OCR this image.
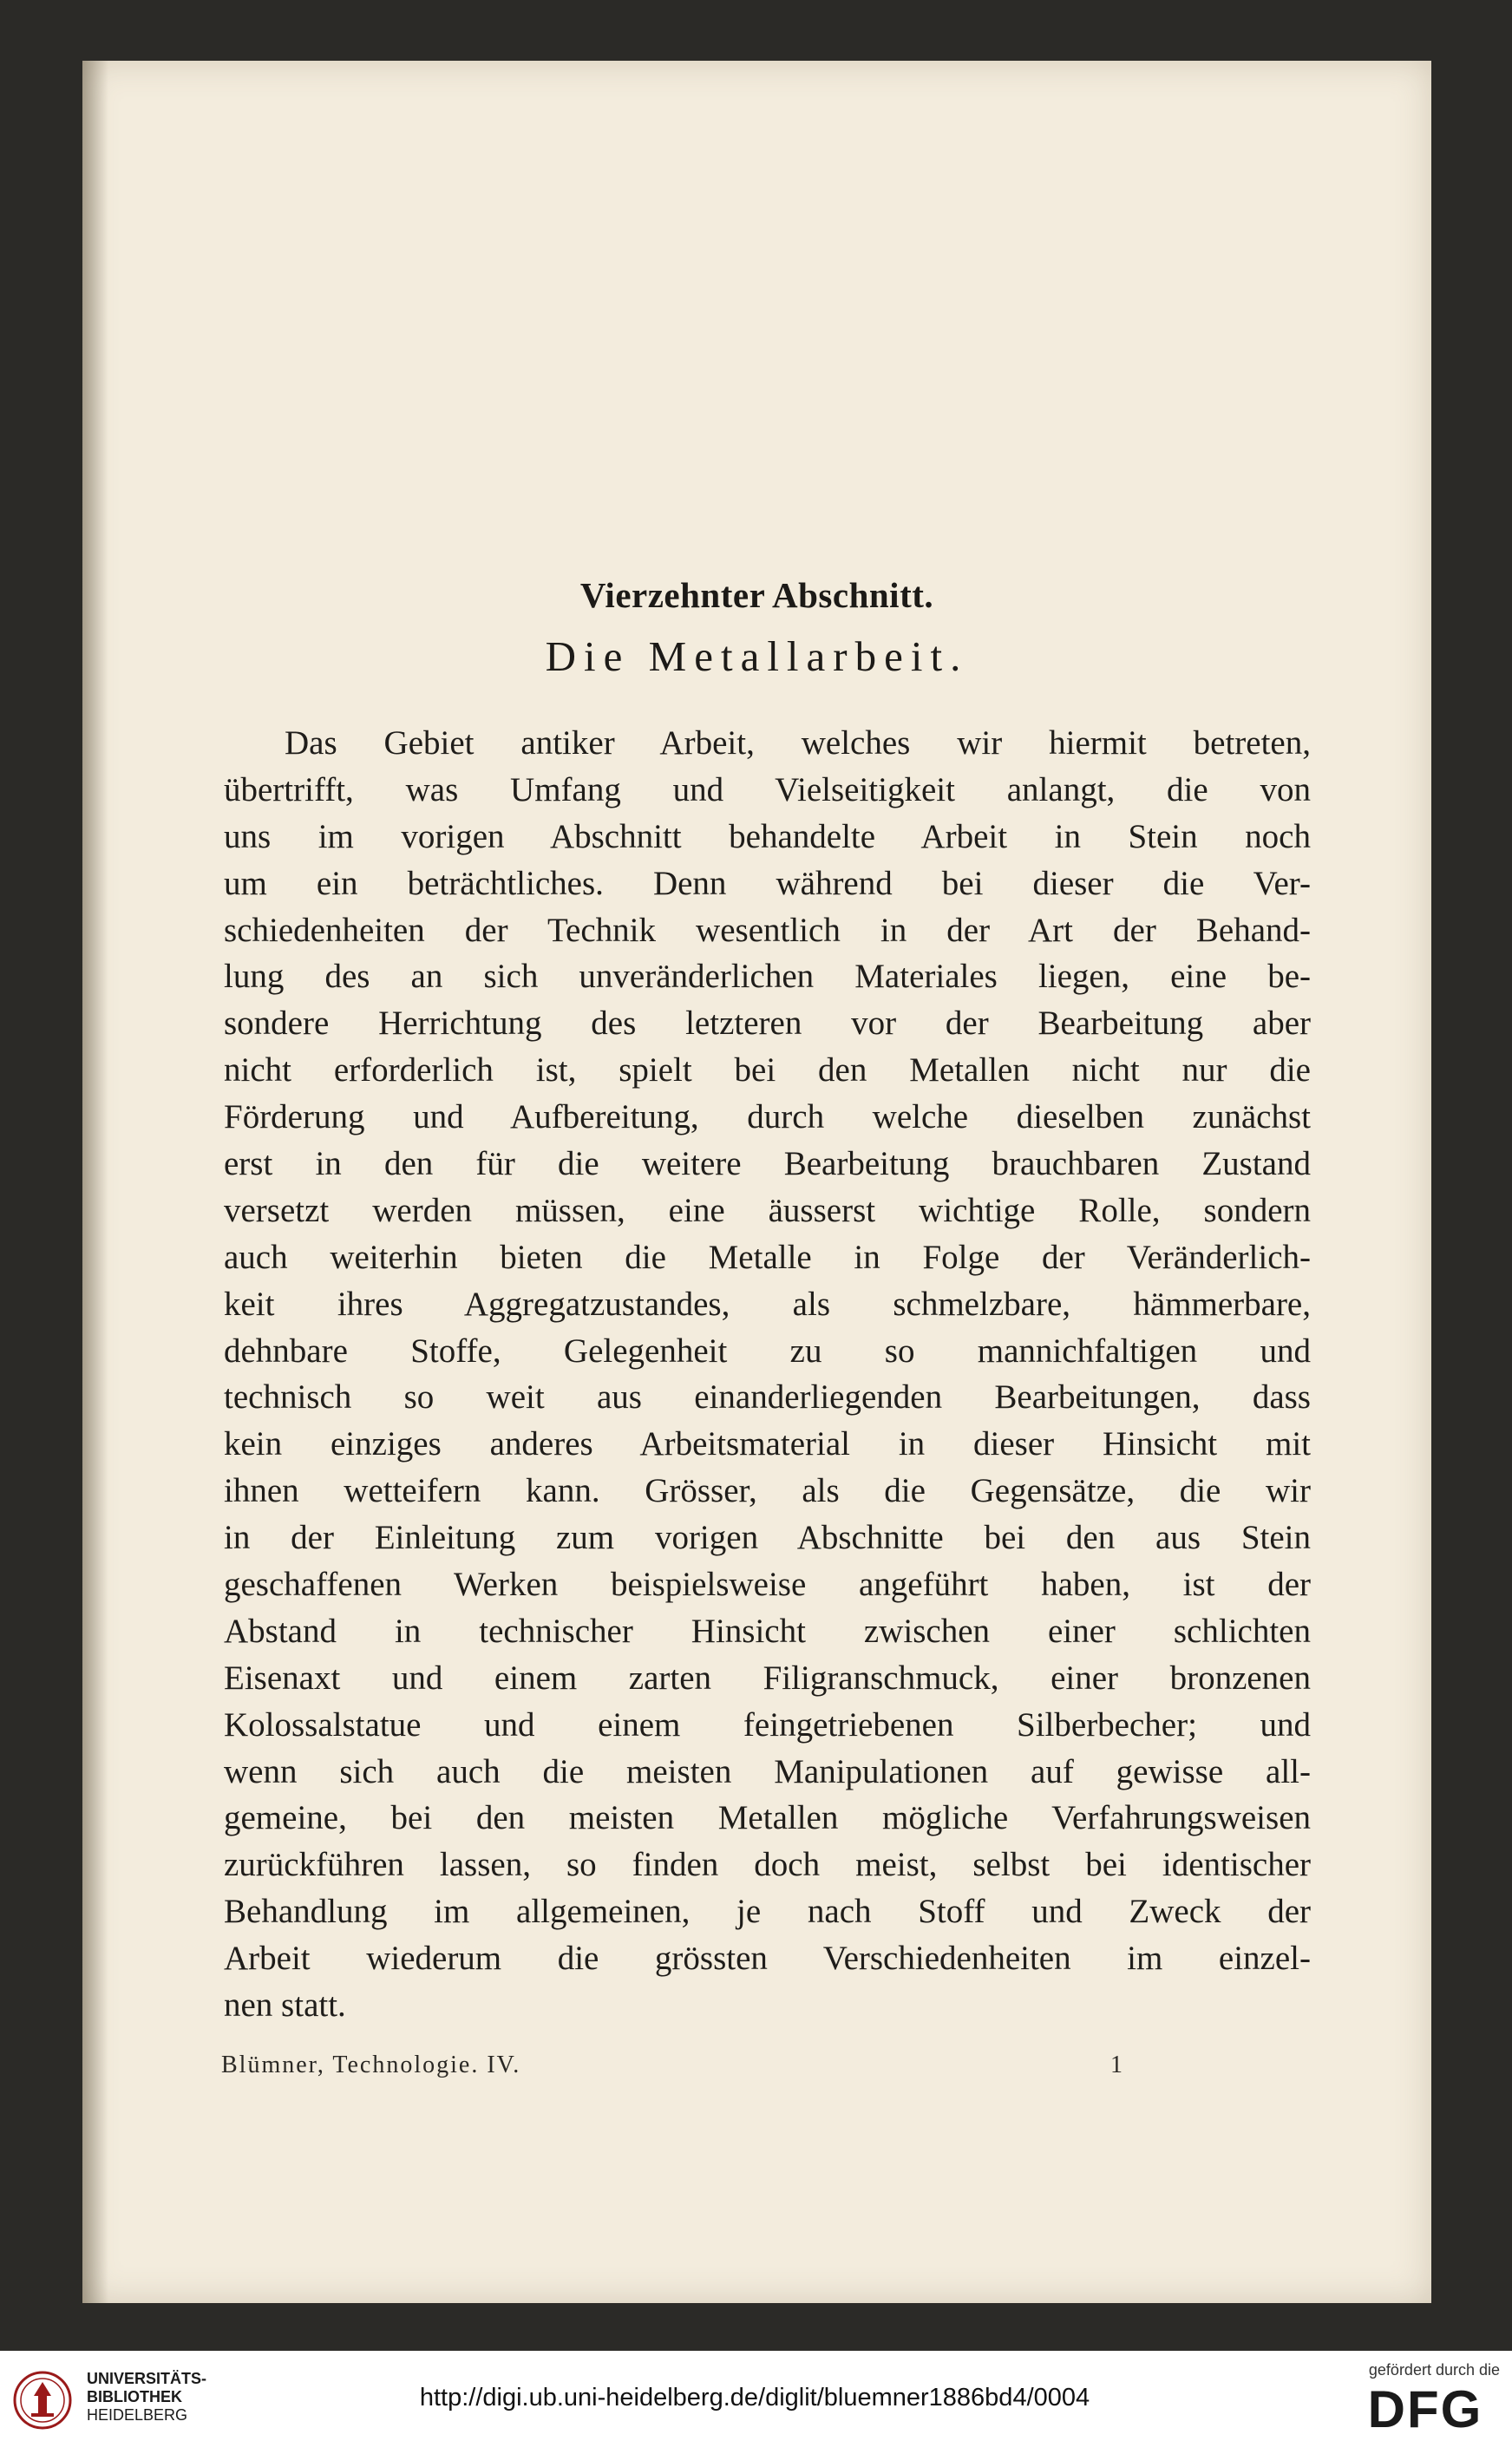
Vierzehnter Abschnitt.
Die Metallarbeit.
Das Gebiet antiker Arbeit, welches wir hiermit betreten,
übertrifft, was Umfang und Vielseitigkeit anlangt, die von
uns im vorigen Abschnitt behandelte Arbeit in Stein noch
um ein beträchtliches. Denn während bei dieser die Ver-
schiedenheiten der Technik wesentlich in der Art der Behand-
lung des an sich unveränderlichen Materiales liegen, eine be-
sondere Herrichtung des letzteren vor der Bearbeitung aber
nicht erforderlich ist, spielt bei den Metallen nicht nur die
Förderung und Aufbereitung, durch welche dieselben zunächst
erst in den für die weitere Bearbeitung brauchbaren Zustand
versetzt werden müssen, eine äusserst wichtige Rolle, sondern
auch weiterhin bieten die Metalle in Folge der Veränderlich-
keit ihres Aggregatzustandes, als schmelzbare, hämmerbare,
dehnbare Stoffe, Gelegenheit zu so mannichfaltigen und
technisch so weit aus einanderliegenden Bearbeitungen, dass
kein einziges anderes Arbeitsmaterial in dieser Hinsicht mit
ihnen wetteifern kann. Grösser, als die Gegensätze, die wir
in der Einleitung zum vorigen Abschnitte bei den aus Stein
geschaffenen Werken beispielsweise angeführt haben, ist der
Abstand in technischer Hinsicht zwischen einer schlichten
Eisenaxt und einem zarten Filigranschmuck, einer bronzenen
Kolossalstatue und einem feingetriebenen Silberbecher; und
wenn sich auch die meisten Manipulationen auf gewisse all-
gemeine, bei den meisten Metallen mögliche Verfahrungsweisen
zurückführen lassen, so finden doch meist, selbst bei identischer
Behandlung im allgemeinen, je nach Stoff und Zweck der
Arbeit wiederum die grössten Verschiedenheiten im einzel-
nen statt.
Blümner, Technologie. IV.	1
UNIVERSITÄTS-
BIBLIOTHEK
HEIDELBERG
http://digi.ub.uni-heidelberg.de/diglit/bluemner1886bd4/0004
gefördert durch die
DFG
